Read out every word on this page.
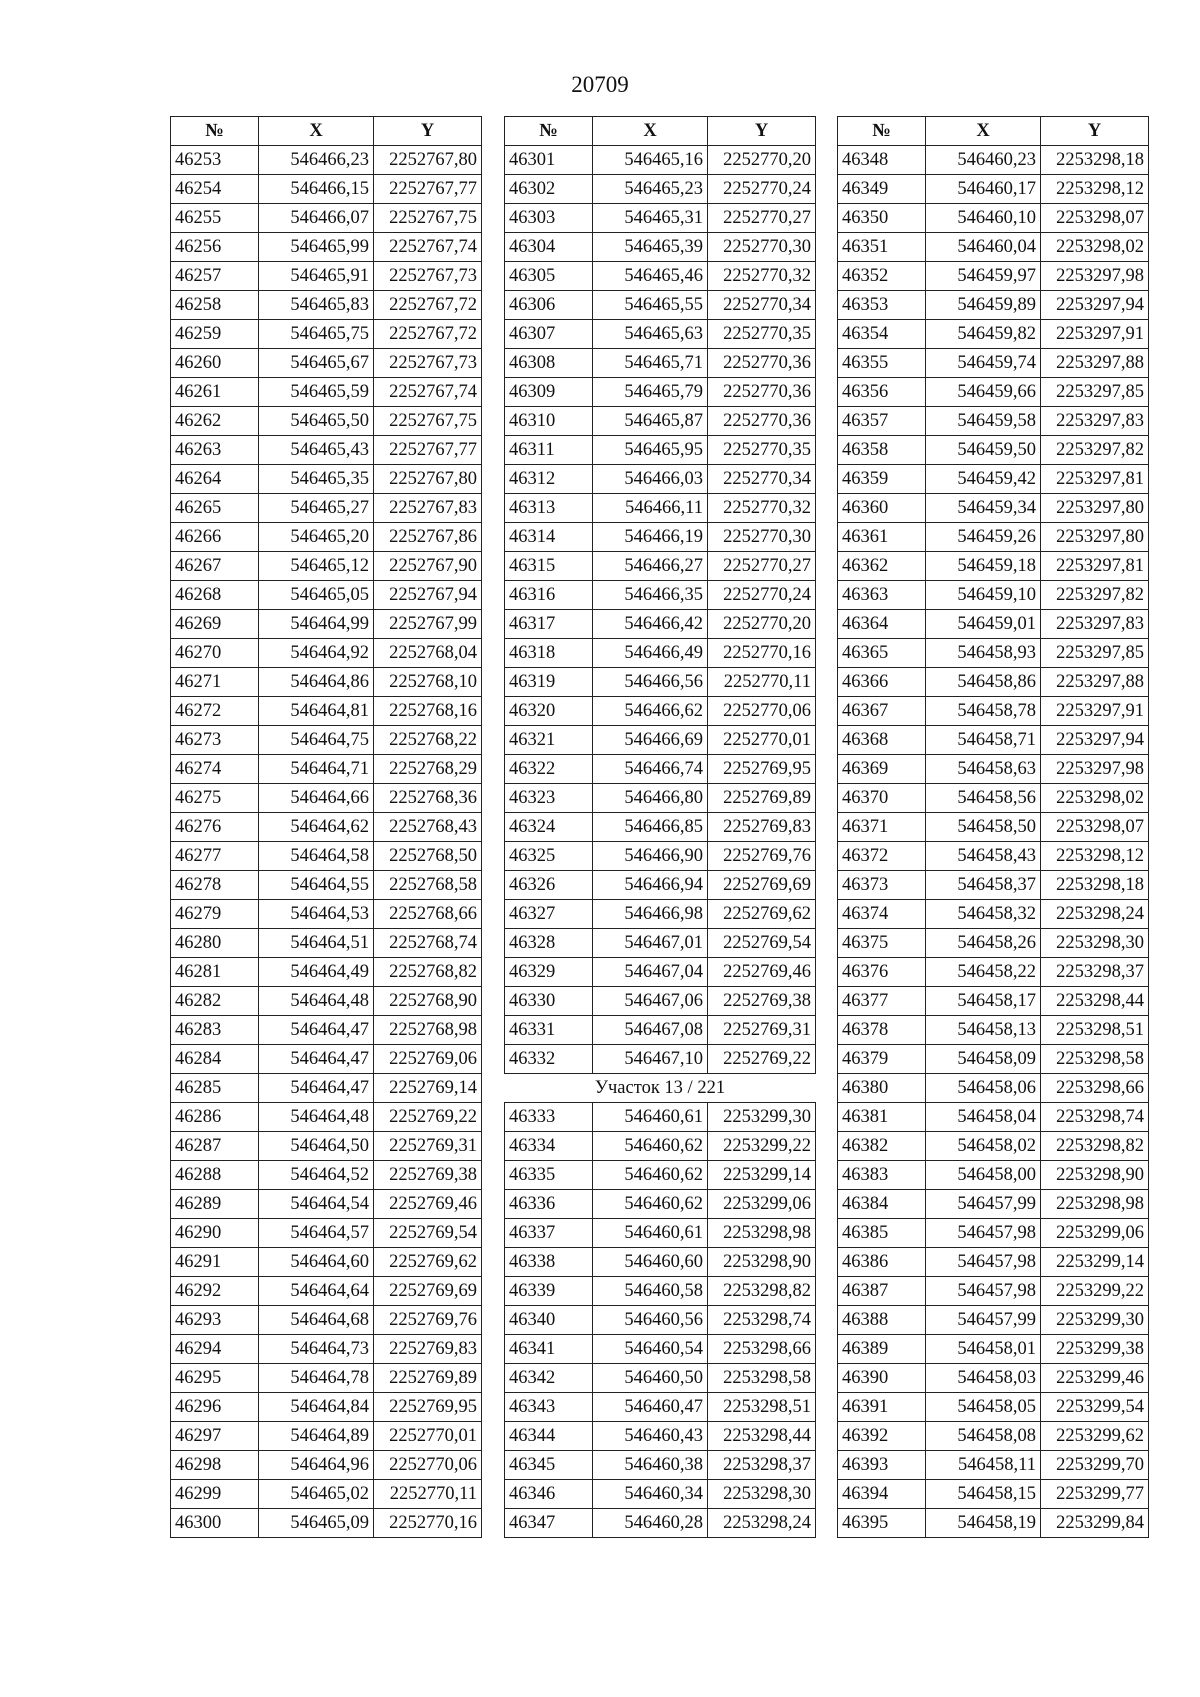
20709
№	X	Y
46253	546466,23	2252767,80
46254	546466,15	2252767,77
46255	546466,07	2252767,75
46256	546465,99	2252767,74
46257	546465,91	2252767,73
46258	546465,83	2252767,72
46259	546465,75	2252767,72
46260	546465,67	2252767,73
46261	546465,59	2252767,74
46262	546465,50	2252767,75
46263	546465,43	2252767,77
46264	546465,35	2252767,80
46265	546465,27	2252767,83
46266	546465,20	2252767,86
46267	546465,12	2252767,90
46268	546465,05	2252767,94
46269	546464,99	2252767,99
46270	546464,92	2252768,04
46271	546464,86	2252768,10
46272	546464,81	2252768,16
46273	546464,75	2252768,22
46274	546464,71	2252768,29
46275	546464,66	2252768,36
46276	546464,62	2252768,43
46277	546464,58	2252768,50
46278	546464,55	2252768,58
46279	546464,53	2252768,66
46280	546464,51	2252768,74
46281	546464,49	2252768,82
46282	546464,48	2252768,90
46283	546464,47	2252768,98
46284	546464,47	2252769,06
46285	546464,47	2252769,14
46286	546464,48	2252769,22
46287	546464,50	2252769,31
46288	546464,52	2252769,38
46289	546464,54	2252769,46
46290	546464,57	2252769,54
46291	546464,60	2252769,62
46292	546464,64	2252769,69
46293	546464,68	2252769,76
46294	546464,73	2252769,83
46295	546464,78	2252769,89
46296	546464,84	2252769,95
46297	546464,89	2252770,01
46298	546464,96	2252770,06
46299	546465,02	2252770,11
46300	546465,09	2252770,16
№	X	Y
46301	546465,16	2252770,20
46302	546465,23	2252770,24
46303	546465,31	2252770,27
46304	546465,39	2252770,30
46305	546465,46	2252770,32
46306	546465,55	2252770,34
46307	546465,63	2252770,35
46308	546465,71	2252770,36
46309	546465,79	2252770,36
46310	546465,87	2252770,36
46311	546465,95	2252770,35
46312	546466,03	2252770,34
46313	546466,11	2252770,32
46314	546466,19	2252770,30
46315	546466,27	2252770,27
46316	546466,35	2252770,24
46317	546466,42	2252770,20
46318	546466,49	2252770,16
46319	546466,56	2252770,11
46320	546466,62	2252770,06
46321	546466,69	2252770,01
46322	546466,74	2252769,95
46323	546466,80	2252769,89
46324	546466,85	2252769,83
46325	546466,90	2252769,76
46326	546466,94	2252769,69
46327	546466,98	2252769,62
46328	546467,01	2252769,54
46329	546467,04	2252769,46
46330	546467,06	2252769,38
46331	546467,08	2252769,31
46332	546467,10	2252769,22
Участок 13 / 221		
46333	546460,61	2253299,30
46334	546460,62	2253299,22
46335	546460,62	2253299,14
46336	546460,62	2253299,06
46337	546460,61	2253298,98
46338	546460,60	2253298,90
46339	546460,58	2253298,82
46340	546460,56	2253298,74
46341	546460,54	2253298,66
46342	546460,50	2253298,58
46343	546460,47	2253298,51
46344	546460,43	2253298,44
46345	546460,38	2253298,37
46346	546460,34	2253298,30
46347	546460,28	2253298,24
№	X	Y
46348	546460,23	2253298,18
46349	546460,17	2253298,12
46350	546460,10	2253298,07
46351	546460,04	2253298,02
46352	546459,97	2253297,98
46353	546459,89	2253297,94
46354	546459,82	2253297,91
46355	546459,74	2253297,88
46356	546459,66	2253297,85
46357	546459,58	2253297,83
46358	546459,50	2253297,82
46359	546459,42	2253297,81
46360	546459,34	2253297,80
46361	546459,26	2253297,80
46362	546459,18	2253297,81
46363	546459,10	2253297,82
46364	546459,01	2253297,83
46365	546458,93	2253297,85
46366	546458,86	2253297,88
46367	546458,78	2253297,91
46368	546458,71	2253297,94
46369	546458,63	2253297,98
46370	546458,56	2253298,02
46371	546458,50	2253298,07
46372	546458,43	2253298,12
46373	546458,37	2253298,18
46374	546458,32	2253298,24
46375	546458,26	2253298,30
46376	546458,22	2253298,37
46377	546458,17	2253298,44
46378	546458,13	2253298,51
46379	546458,09	2253298,58
46380	546458,06	2253298,66
46381	546458,04	2253298,74
46382	546458,02	2253298,82
46383	546458,00	2253298,90
46384	546457,99	2253298,98
46385	546457,98	2253299,06
46386	546457,98	2253299,14
46387	546457,98	2253299,22
46388	546457,99	2253299,30
46389	546458,01	2253299,38
46390	546458,03	2253299,46
46391	546458,05	2253299,54
46392	546458,08	2253299,62
46393	546458,11	2253299,70
46394	546458,15	2253299,77
46395	546458,19	2253299,84
